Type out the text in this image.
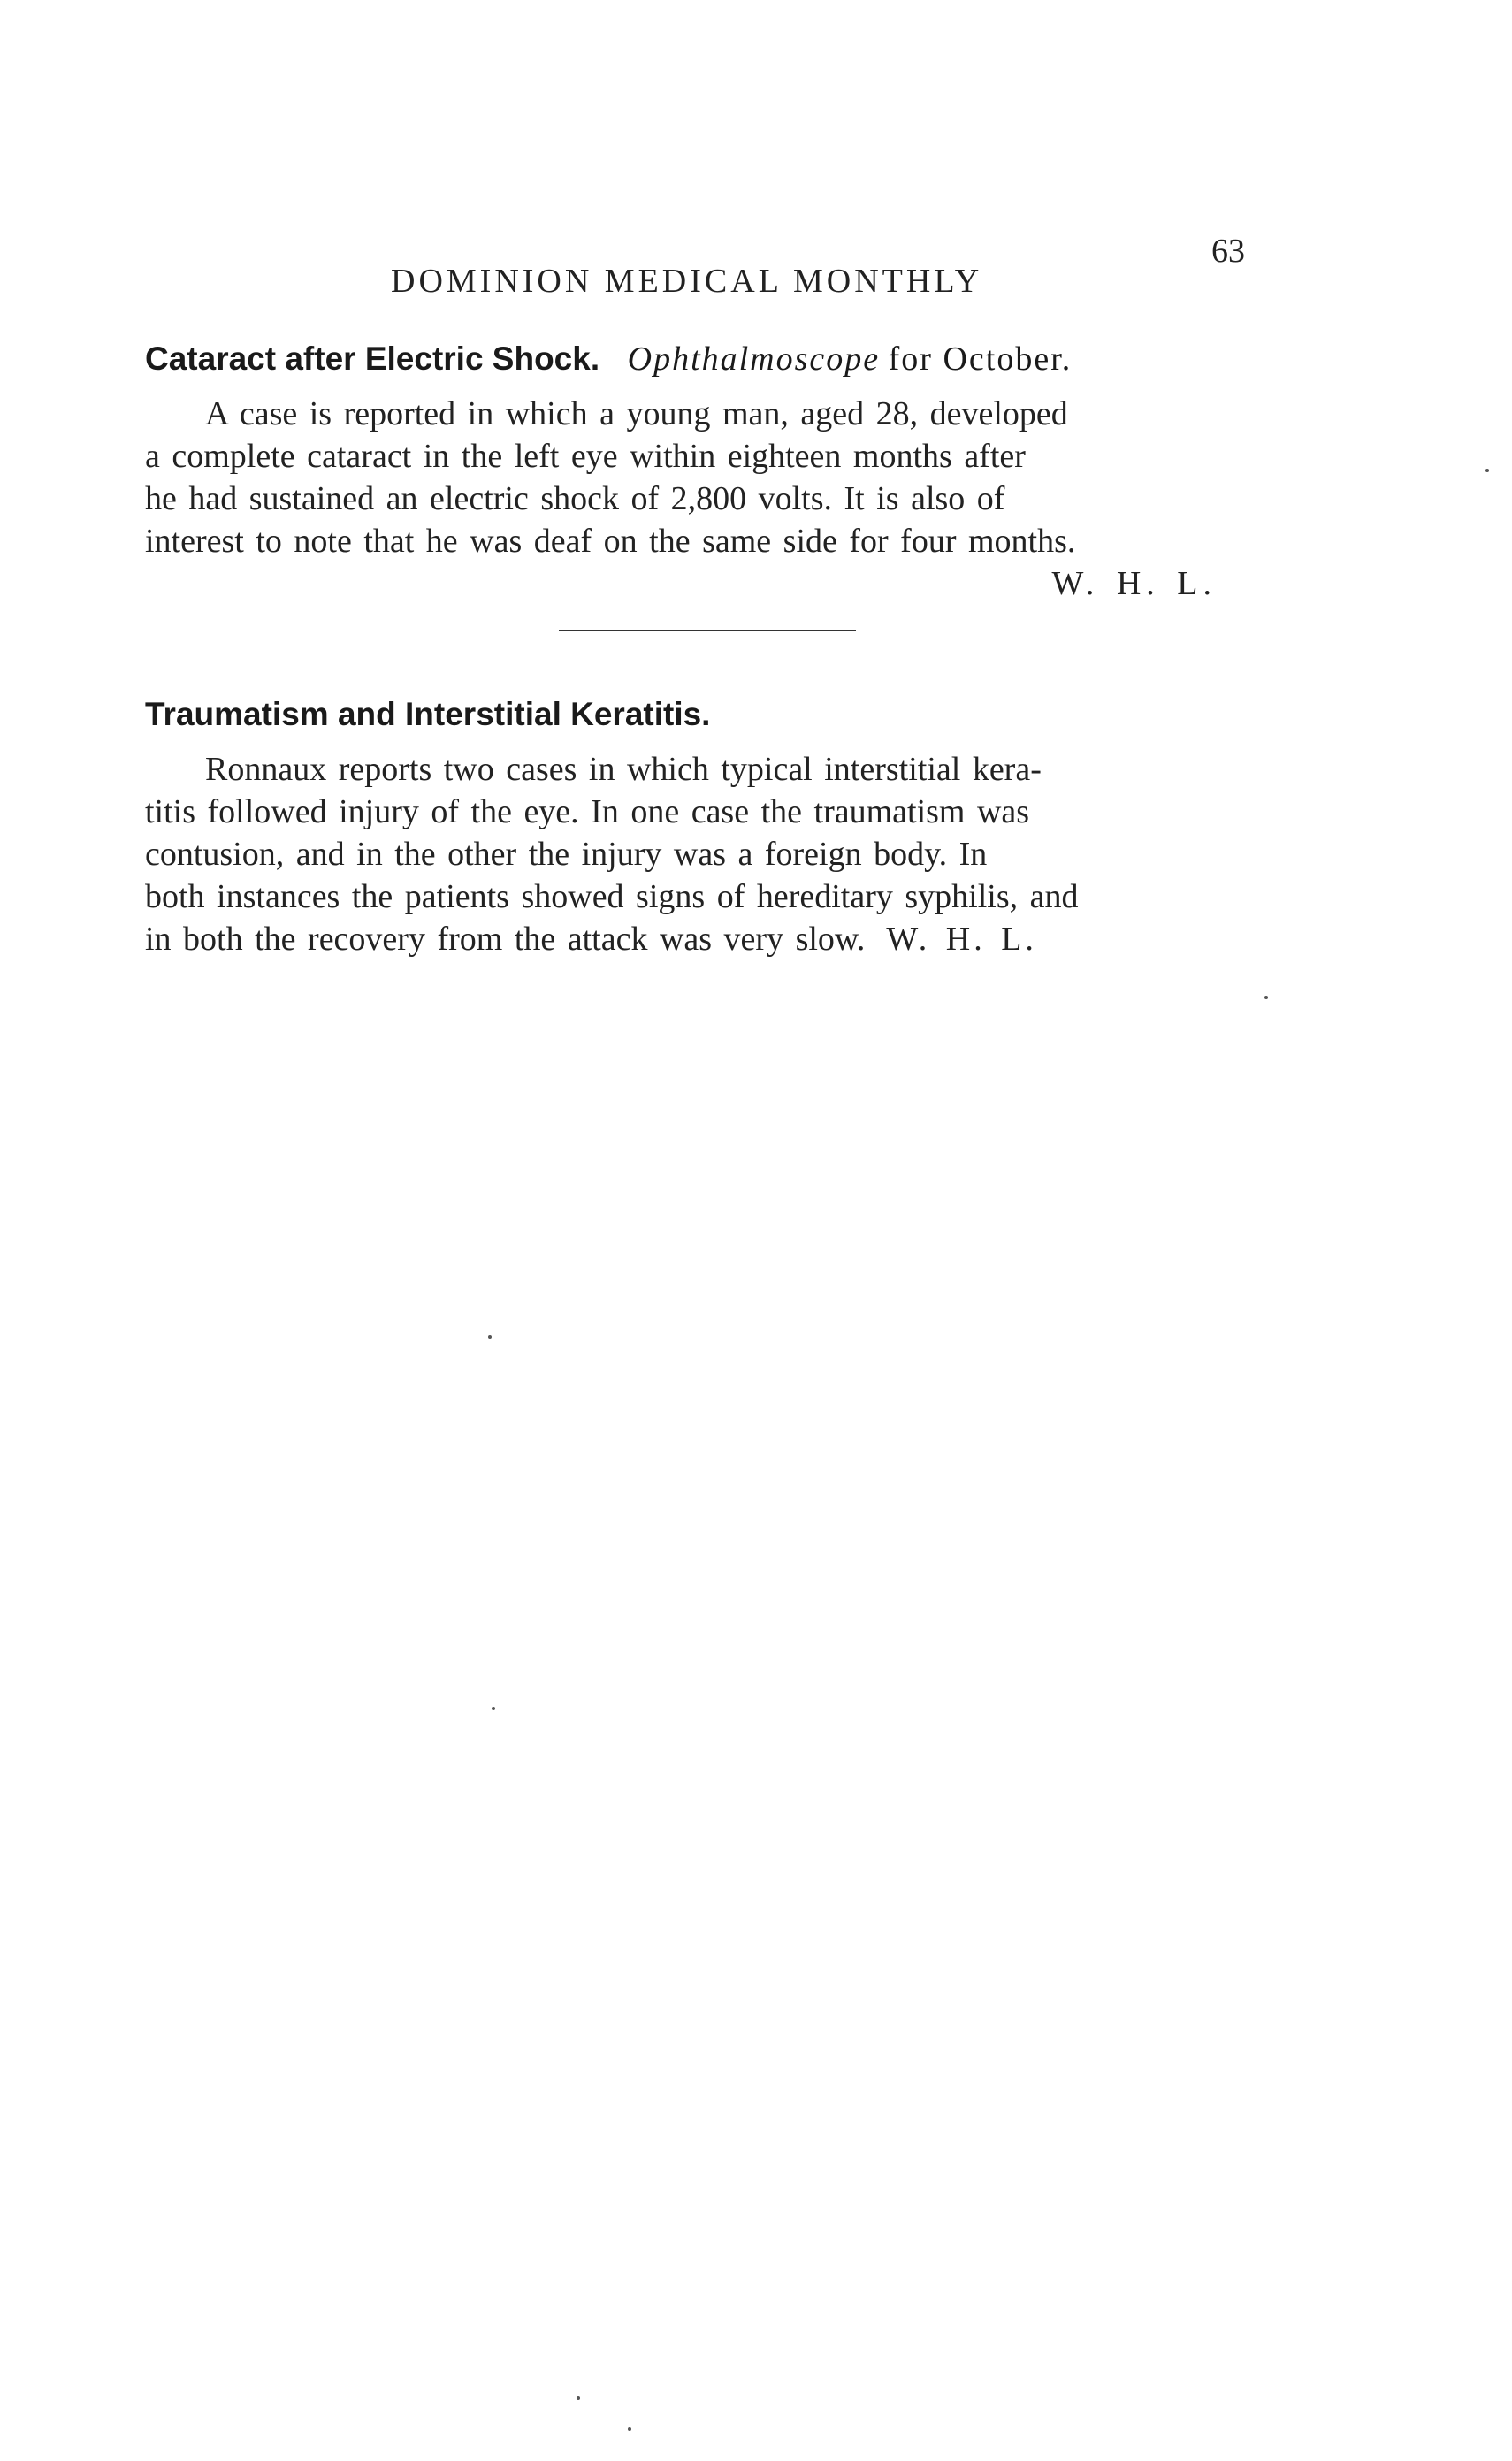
DOMINION MEDICAL MONTHLY
63
Cataract after Electric Shock. Ophthalmoscope for October.
A case is reported in which a young man, aged 28, developed
a complete cataract in the left eye within eighteen months after
he had sustained an electric shock of 2,800 volts. It is also of
interest to note that he was deaf on the same side for four months.
W. H. L.
Traumatism and Interstitial Keratitis.
Ronnaux reports two cases in which typical interstitial kera-
titis followed injury of the eye. In one case the traumatism was
contusion, and in the other the injury was a foreign body. In
both instances the patients showed signs of hereditary syphilis, and
in both the recovery from the attack was very slow. W. H. L.
